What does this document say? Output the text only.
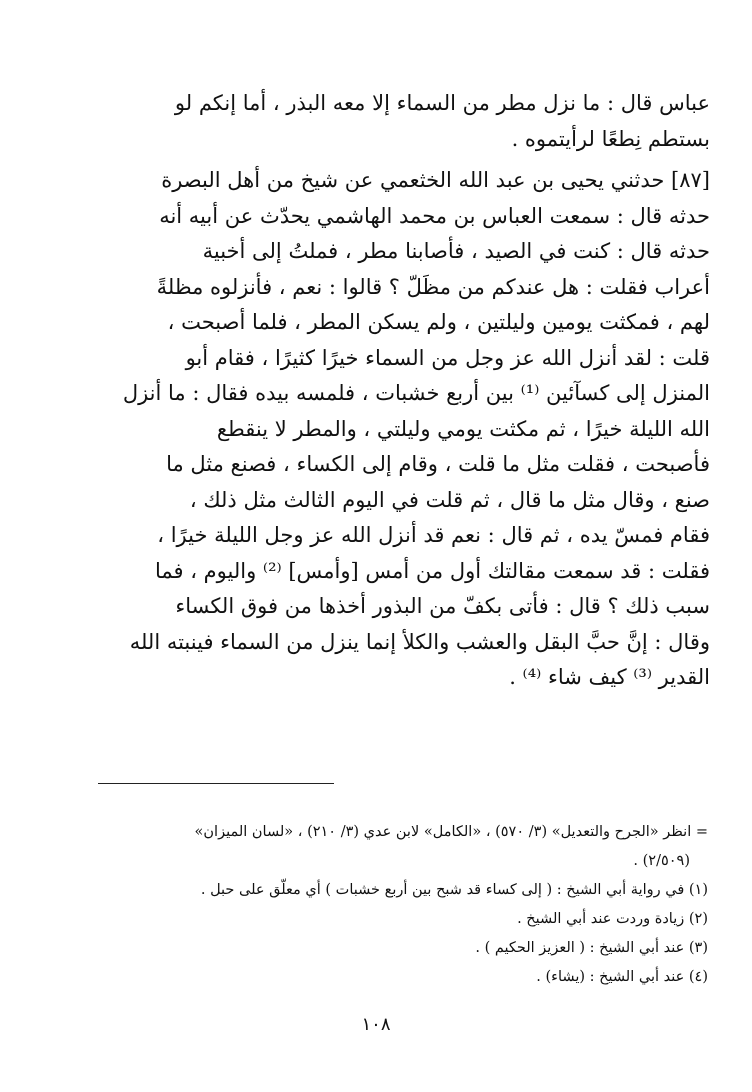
عباس قال : ما نزل مطر من السماء إلا معه البذر ، أما إنكم لو
بستطم نِطعًا لرأيتموه .
[٨٧] حدثني يحيى بن عبد الله الخثعمي عن شيخ من أهل البصرة
حدثه قال : سمعت العباس بن محمد الهاشمي يحدّث عن أبيه أنه
حدثه قال : كنت في الصيد ، فأصابنا مطر ، فملتُ إلى أخبية
أعراب فقلت : هل عندكم من مظَلّ ؟ قالوا : نعم ، فأنزلوه مظلةً
لهم ، فمكثت يومين وليلتين ، ولم يسكن المطر ، فلما أصبحت ،
قلت : لقد أنزل الله عز وجل من السماء خيرًا كثيرًا ، فقام أبو
المنزل إلى كسآئين ⁽¹⁾ بين أربع خشبات ، فلمسه بيده فقال : ما أنزل
الله الليلة خيرًا ، ثم مكثت يومي وليلتي ، والمطر لا ينقطع
فأصبحت ، فقلت مثل ما قلت ، وقام إلى الكساء ، فصنع مثل ما
صنع ، وقال مثل ما قال ، ثم قلت في اليوم الثالث مثل ذلك ،
فقام فمسّ يده ، ثم قال : نعم قد أنزل الله عز وجل الليلة خيرًا ،
فقلت : قد سمعت مقالتك أول من أمس [وأمس] ⁽²⁾ واليوم ، فما
سبب ذلك ؟ قال : فأتى بكفّ من البذور أخذها من فوق الكساء
وقال : إنَّ حبَّ البقل والعشب والكلأ إنما ينزل من السماء فينبته الله
القدير ⁽³⁾ كيف شاء ⁽⁴⁾ .
= انظر «الجرح والتعديل» (٣/ ٥٧٠) ، «الكامل» لابن عدي (٣/ ٢١٠) ، «لسان الميزان»
(٢/٥٠٩) .
(١) في رواية أبي الشيخ : ( إلى كساء قد شبح بين أربع خشبات ) أي معلّق على حبل .
(٢) زيادة وردت عند أبي الشيخ .
(٣) عند أبي الشيخ : ( العزيز الحكيم ) .
(٤) عند أبي الشيخ : (يشاء) .
١٠٨
